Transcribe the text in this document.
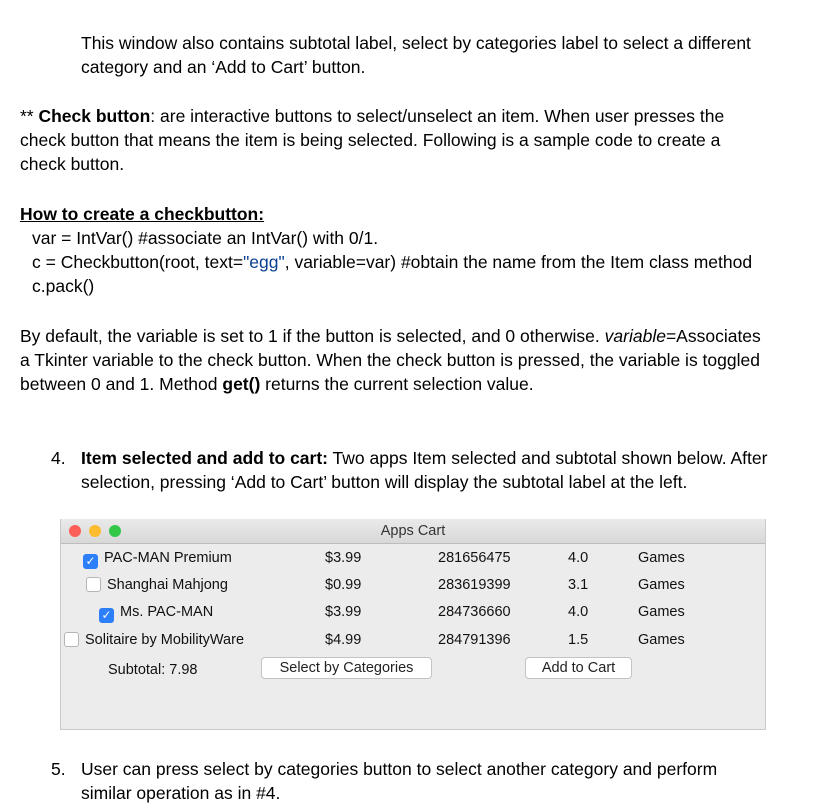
This window also contains subtotal label, select by categories label to select a different
category and an ‘Add to Cart’ button.
** Check button: are interactive buttons to select/unselect an item. When user presses the
check button that means the item is being selected. Following is a sample code to create a
check button.
How to create a checkbutton:
var = IntVar() #associate an IntVar() with 0/1.
c = Checkbutton(root, text="egg", variable=var) #obtain the name from the Item class method
c.pack()
By default, the variable is set to 1 if the button is selected, and 0 otherwise. variable=Associates
a Tkinter variable to the check button. When the check button is pressed, the variable is toggled
between 0 and 1. Method get() returns the current selection value.
4. Item selected and add to cart: Two apps Item selected and subtotal shown below. After
selection, pressing ‘Add to Cart’ button will display the subtotal label at the left.
Apps Cart
✓ PAC-MAN Premium	$3.99	281656475	4.0	Games
Shanghai Mahjong	$0.99	283619399	3.1	Games
✓ Ms. PAC-MAN	$3.99	284736660	4.0	Games
Solitaire by MobilityWare	$4.99	284791396	1.5	Games
Subtotal: 7.98	Select by Categories	Add to Cart
5. User can press select by categories button to select another category and perform
similar operation as in #4.
